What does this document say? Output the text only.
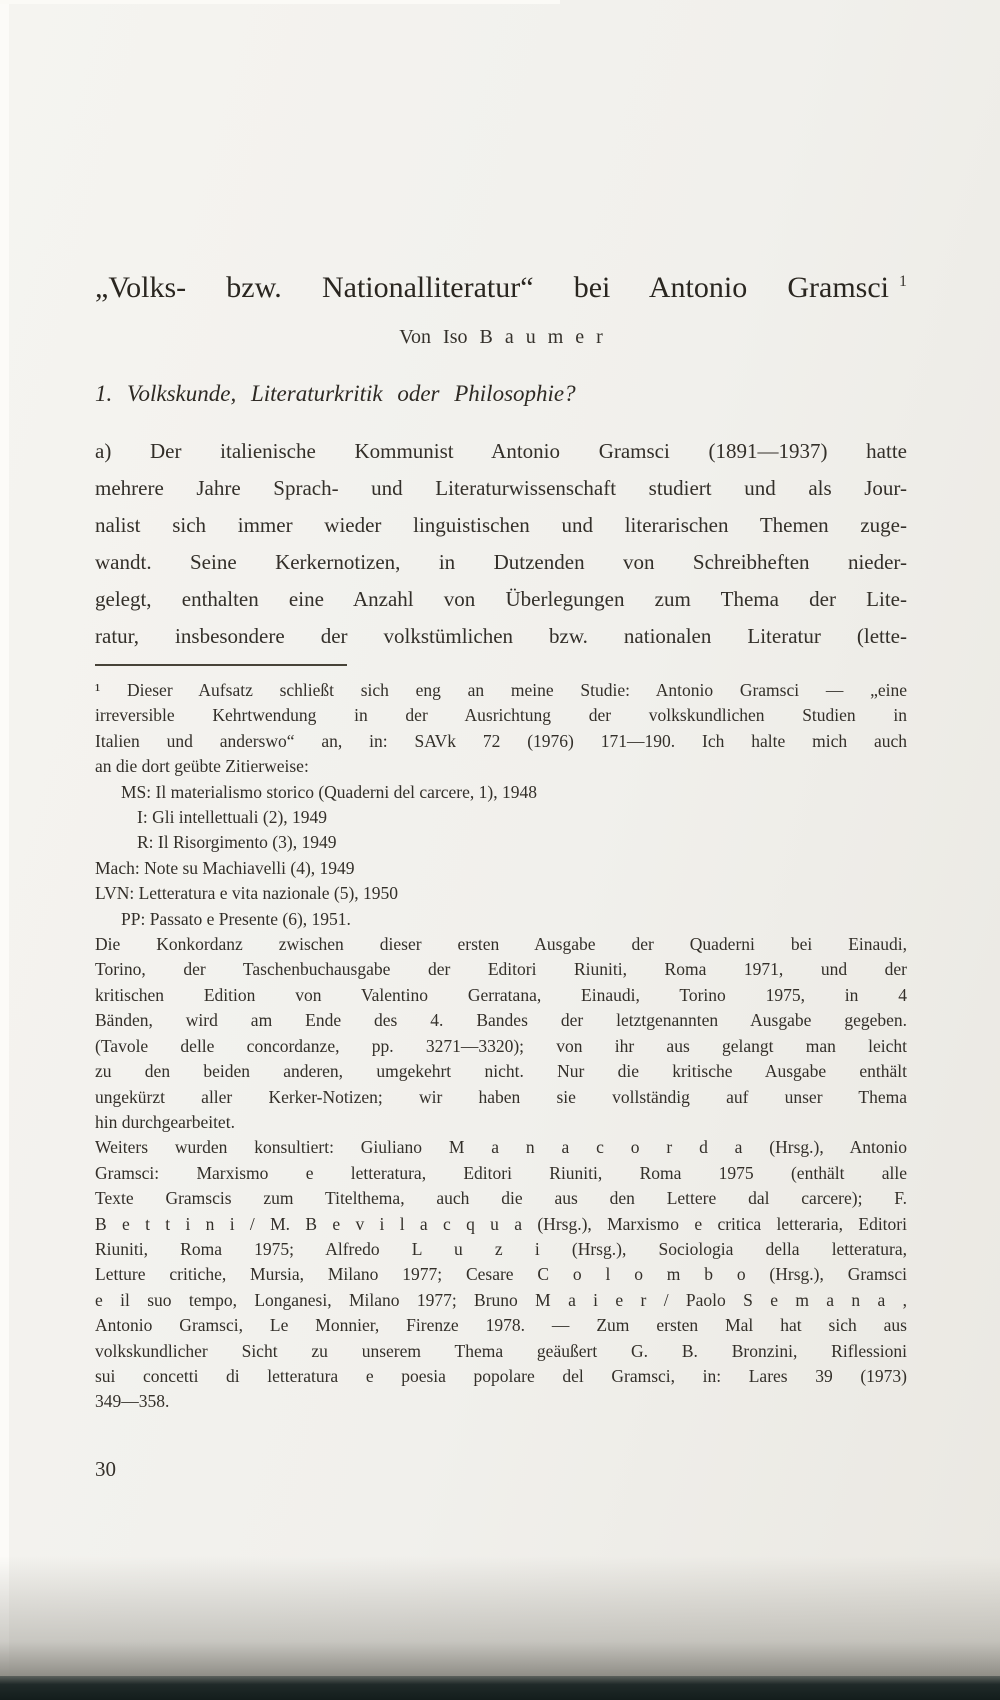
„Volks- bzw. Nationalliteratur“ bei Antonio Gramsci $^1$
Von Iso B a u m e r
1. Volkskunde, Literaturkritik oder Philosophie?
a) Der italienische Kommunist Antonio Gramsci (1891—1937) hatte
mehrere Jahre Sprach- und Literaturwissenschaft studiert und als Jour-
nalist sich immer wieder linguistischen und literarischen Themen zuge-
wandt. Seine Kerkernotizen, in Dutzenden von Schreibheften nieder-
gelegt, enthalten eine Anzahl von Überlegungen zum Thema der Lite-
ratur, insbesondere der volkstümlichen bzw. nationalen Literatur (lette-
¹ Dieser Aufsatz schließt sich eng an meine Studie: Antonio Gramsci — „eine
irreversible Kehrtwendung in der Ausrichtung der volkskundlichen Studien in
Italien und anderswo“ an, in: SAVk 72 (1976) 171—190. Ich halte mich auch
an die dort geübte Zitierweise:
MS: Il materialismo storico (Quaderni del carcere, 1), 1948
I: Gli intellettuali (2), 1949
R: Il Risorgimento (3), 1949
Mach: Note su Machiavelli (4), 1949
LVN: Letteratura e vita nazionale (5), 1950
PP: Passato e Presente (6), 1951.
Die Konkordanz zwischen dieser ersten Ausgabe der Quaderni bei Einaudi,
Torino, der Taschenbuchausgabe der Editori Riuniti, Roma 1971, und der
kritischen Edition von Valentino Gerratana, Einaudi, Torino 1975, in 4
Bänden, wird am Ende des 4. Bandes der letztgenannten Ausgabe gegeben.
(Tavole delle concordanze, pp. 3271—3320); von ihr aus gelangt man leicht
zu den beiden anderen, umgekehrt nicht. Nur die kritische Ausgabe enthält
ungekürzt aller Kerker-Notizen; wir haben sie vollständig auf unser Thema
hin durchgearbeitet.
Weiters wurden konsultiert: Giuliano M a n a c o r d a (Hrsg.), Antonio
Gramsci: Marxismo e letteratura, Editori Riuniti, Roma 1975 (enthält alle
Texte Gramscis zum Titelthema, auch die aus den Lettere dal carcere); F.
B e t t i n i / M. B e v i l a c q u a (Hrsg.), Marxismo e critica letteraria, Editori
Riuniti, Roma 1975; Alfredo L u z i (Hrsg.), Sociologia della letteratura,
Letture critiche, Mursia, Milano 1977; Cesare C o l o m b o (Hrsg.), Gramsci
e il suo tempo, Longanesi, Milano 1977; Bruno M a i e r / Paolo S e m a n a ,
Antonio Gramsci, Le Monnier, Firenze 1978. — Zum ersten Mal hat sich aus
volkskundlicher Sicht zu unserem Thema geäußert G. B. Bronzini, Riflessioni
sui concetti di letteratura e poesia popolare del Gramsci, in: Lares 39 (1973)
349—358.
30
